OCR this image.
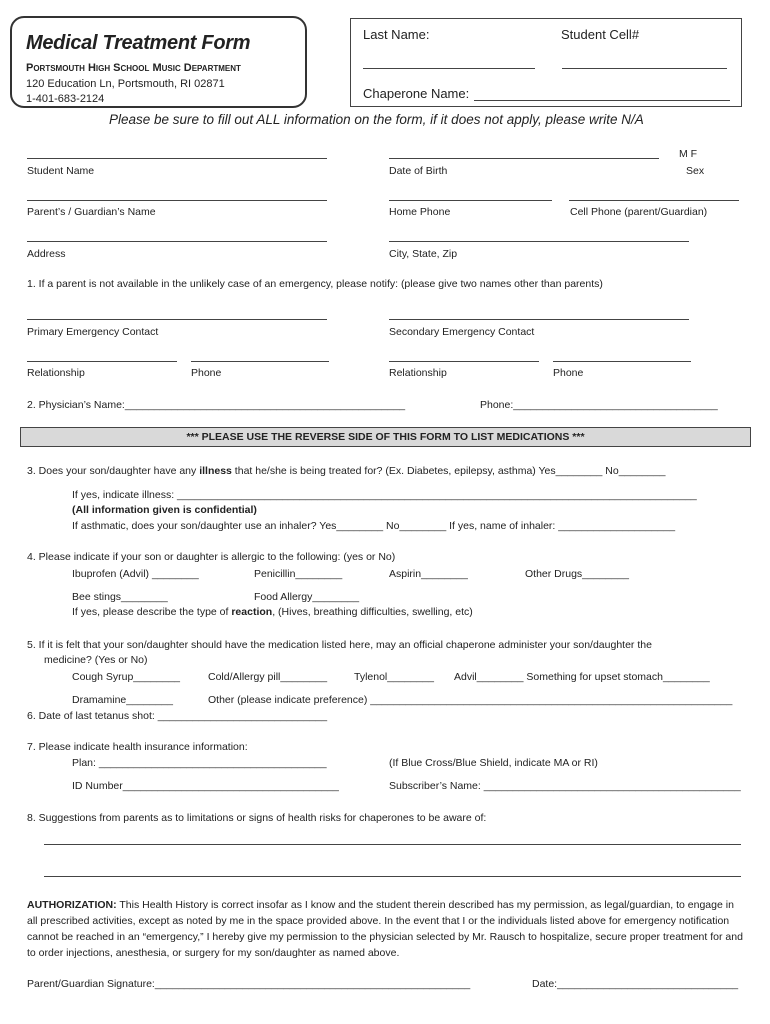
Medical Treatment Form
Portsmouth High School Music Department
120 Education Ln, Portsmouth, RI 02871
1-401-683-2124
Last Name:	Student Cell#
Chaperone Name:
Please be sure to fill out ALL information on the form, if it does not apply, please write N/A
M F
Student Name	Date of Birth	Sex
Parent’s / Guardian’s Name	Home Phone	Cell Phone (parent/Guardian)
Address	City, State, Zip
1. If a parent is not available in the unlikely case of an emergency, please notify: (please give two names other than parents)
Primary Emergency Contact	Secondary Emergency Contact
Relationship	Phone	Relationship	Phone
2. Physician’s Name:________________________________________________	Phone:___________________________________
*** PLEASE USE THE REVERSE SIDE OF THIS FORM TO LIST MEDICATIONS ***
3. Does your son/daughter have any illness that he/she is being treated for? (Ex. Diabetes, epilepsy, asthma) Yes________ No________
If yes, indicate illness: _________________________________________________________________________________________
(All information given is confidential)
If asthmatic, does your son/daughter use an inhaler? Yes________ No________ If yes, name of inhaler: ____________________
4. Please indicate if your son or daughter is allergic to the following: (yes or No)
Ibuprofen (Advil) ________	Penicillin________	Aspirin________	Other Drugs________
Bee stings________	Food Allergy________
If yes, please describe the type of reaction, (Hives, breathing difficulties, swelling, etc)
5. If it is felt that your son/daughter should have the medication listed here, may an official chaperone administer your son/daughter the
medicine? (Yes or No)
Cough Syrup________	Cold/Allergy pill________	Tylenol________ Advil________ Something for upset stomach________
Dramamine________	Other (please indicate preference) ______________________________________________________________
6. Date of last tetanus shot: _____________________________
7. Please indicate health insurance information:
Plan: _______________________________________	(If Blue Cross/Blue Shield, indicate MA or RI)
ID Number_____________________________________	Subscriber’s Name: ____________________________________________
8. Suggestions from parents as to limitations or signs of health risks for chaperones to be aware of:
AUTHORIZATION: This Health History is correct insofar as I know and the student therein described has my permission, as legal/guardian, to engage in all prescribed activities, except as noted by me in the space provided above. In the event that I or the individuals listed above for emergency notification cannot be reached in an “emergency,” I hereby give my permission to the physician selected by Mr. Rausch to hospitalize, secure proper treatment for and to order injections, anesthesia, or surgery for my son/daughter as named above.
Parent/Guardian Signature:______________________________________________________	Date:_______________________________
